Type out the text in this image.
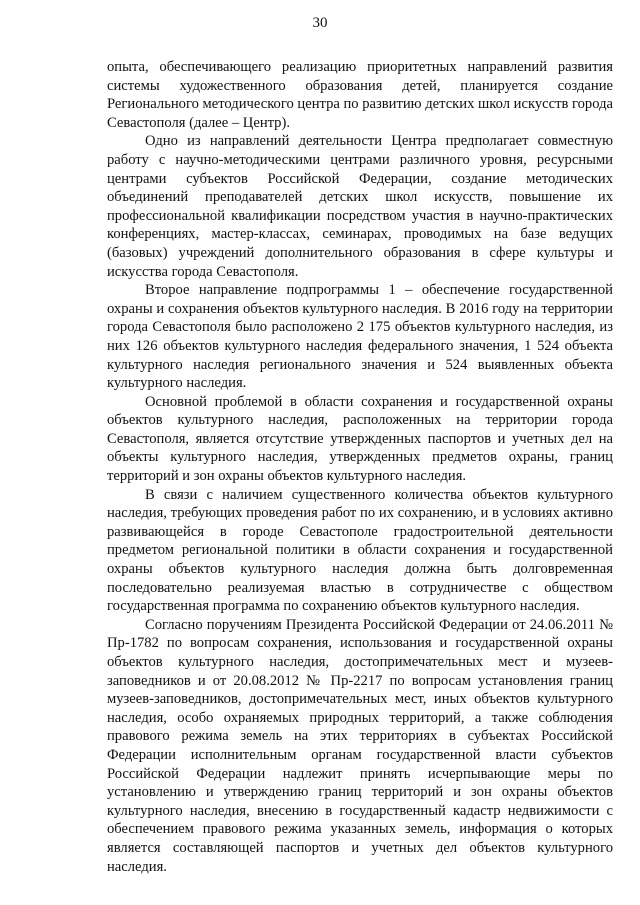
30

опыта, обеспечивающего реализацию приоритетных направлений развития системы художественного образования детей, планируется создание Регионального методического центра по развитию детских школ искусств города Севастополя (далее – Центр).

Одно из направлений деятельности Центра предполагает совместную работу с научно-методическими центрами различного уровня, ресурсными центрами субъектов Российской Федерации, создание методических объединений преподавателей детских школ искусств, повышение их профессиональной квалификации посредством участия в научно-практических конференциях, мастер-классах, семинарах, проводимых на базе ведущих (базовых) учреждений дополнительного образования в сфере культуры и искусства города Севастополя.

Второе направление подпрограммы 1 – обеспечение государственной охраны и сохранения объектов культурного наследия. В 2016 году на территории города Севастополя было расположено 2 175 объектов культурного наследия, из них 126 объектов культурного наследия федерального значения, 1 524 объекта культурного наследия регионального значения и 524 выявленных объекта культурного наследия.

Основной проблемой в области сохранения и государственной охраны объектов культурного наследия, расположенных на территории города Севастополя, является отсутствие утвержденных паспортов и учетных дел на объекты культурного наследия, утвержденных предметов охраны, границ территорий и зон охраны объектов культурного наследия.

В связи с наличием существенного количества объектов культурного наследия, требующих проведения работ по их сохранению, и в условиях активно развивающейся в городе Севастополе градостроительной деятельности предметом региональной политики в области сохранения и государственной охраны объектов культурного наследия должна быть долговременная последовательно реализуемая властью в сотрудничестве с обществом государственная программа по сохранению объектов культурного наследия.

Согласно поручениям Президента Российской Федерации от 24.06.2011 № Пр-1782 по вопросам сохранения, использования и государственной охраны объектов культурного наследия, достопримечательных мест и музеев-заповедников и от 20.08.2012 № Пр-2217 по вопросам установления границ музеев-заповедников, достопримечательных мест, иных объектов культурного наследия, особо охраняемых природных территорий, а также соблюдения правового режима земель на этих территориях в субъектах Российской Федерации исполнительным органам государственной власти субъектов Российской Федерации надлежит принять исчерпывающие меры по установлению и утверждению границ территорий и зон охраны объектов культурного наследия, внесению в государственный кадастр недвижимости с обеспечением правового режима указанных земель, информация о которых является составляющей паспортов и учетных дел объектов культурного наследия.
